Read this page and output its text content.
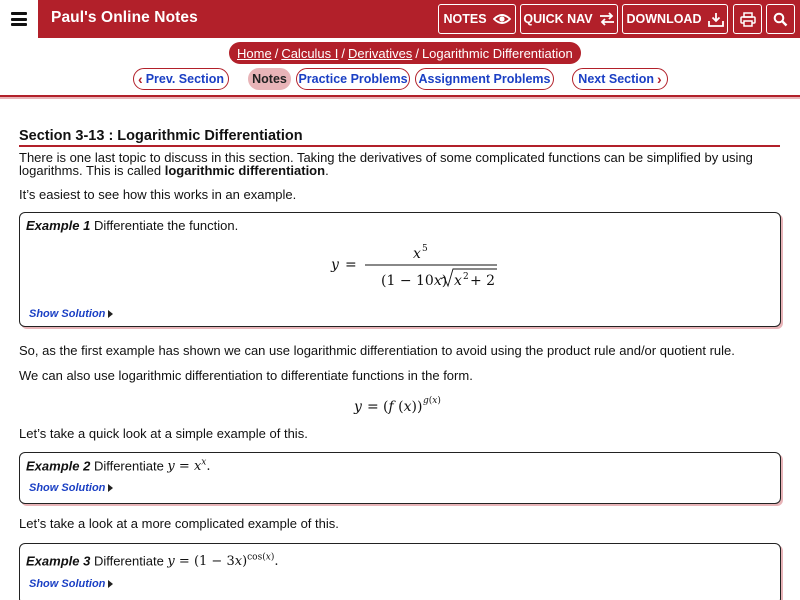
Paul's Online Notes	NOTES	QUICK NAV	DOWNLOAD
Home / Calculus I / Derivatives / Logarithmic Differentiation
‹ Prev. Section Notes Practice Problems Assignment Problems Next Section ›
Section 3-13 : Logarithmic Differentiation
There is one last topic to discuss in this section. Taking the derivatives of some complicated functions can be simplified by using
logarithms. This is called logarithmic differentiation.
It’s easiest to see how this works in an example.
Example 1 Differentiate the function.
y =
x 5
(1 − 10x) x 2 + 2
Show Solution
So, as the first example has shown we can use logarithmic differentiation to avoid using the product rule and/or quotient rule.
We can also use logarithmic differentiation to differentiate functions in the form.
y = (f (x)) g(x)
Let’s take a quick look at a simple example of this.
Example 2 Differentiate $y = x^x$.
Show Solution
Let’s take a look at a more complicated example of this.
Example 3 Differentiate $y = (1 - 3x)^{cos(x)}$.
Show Solution
